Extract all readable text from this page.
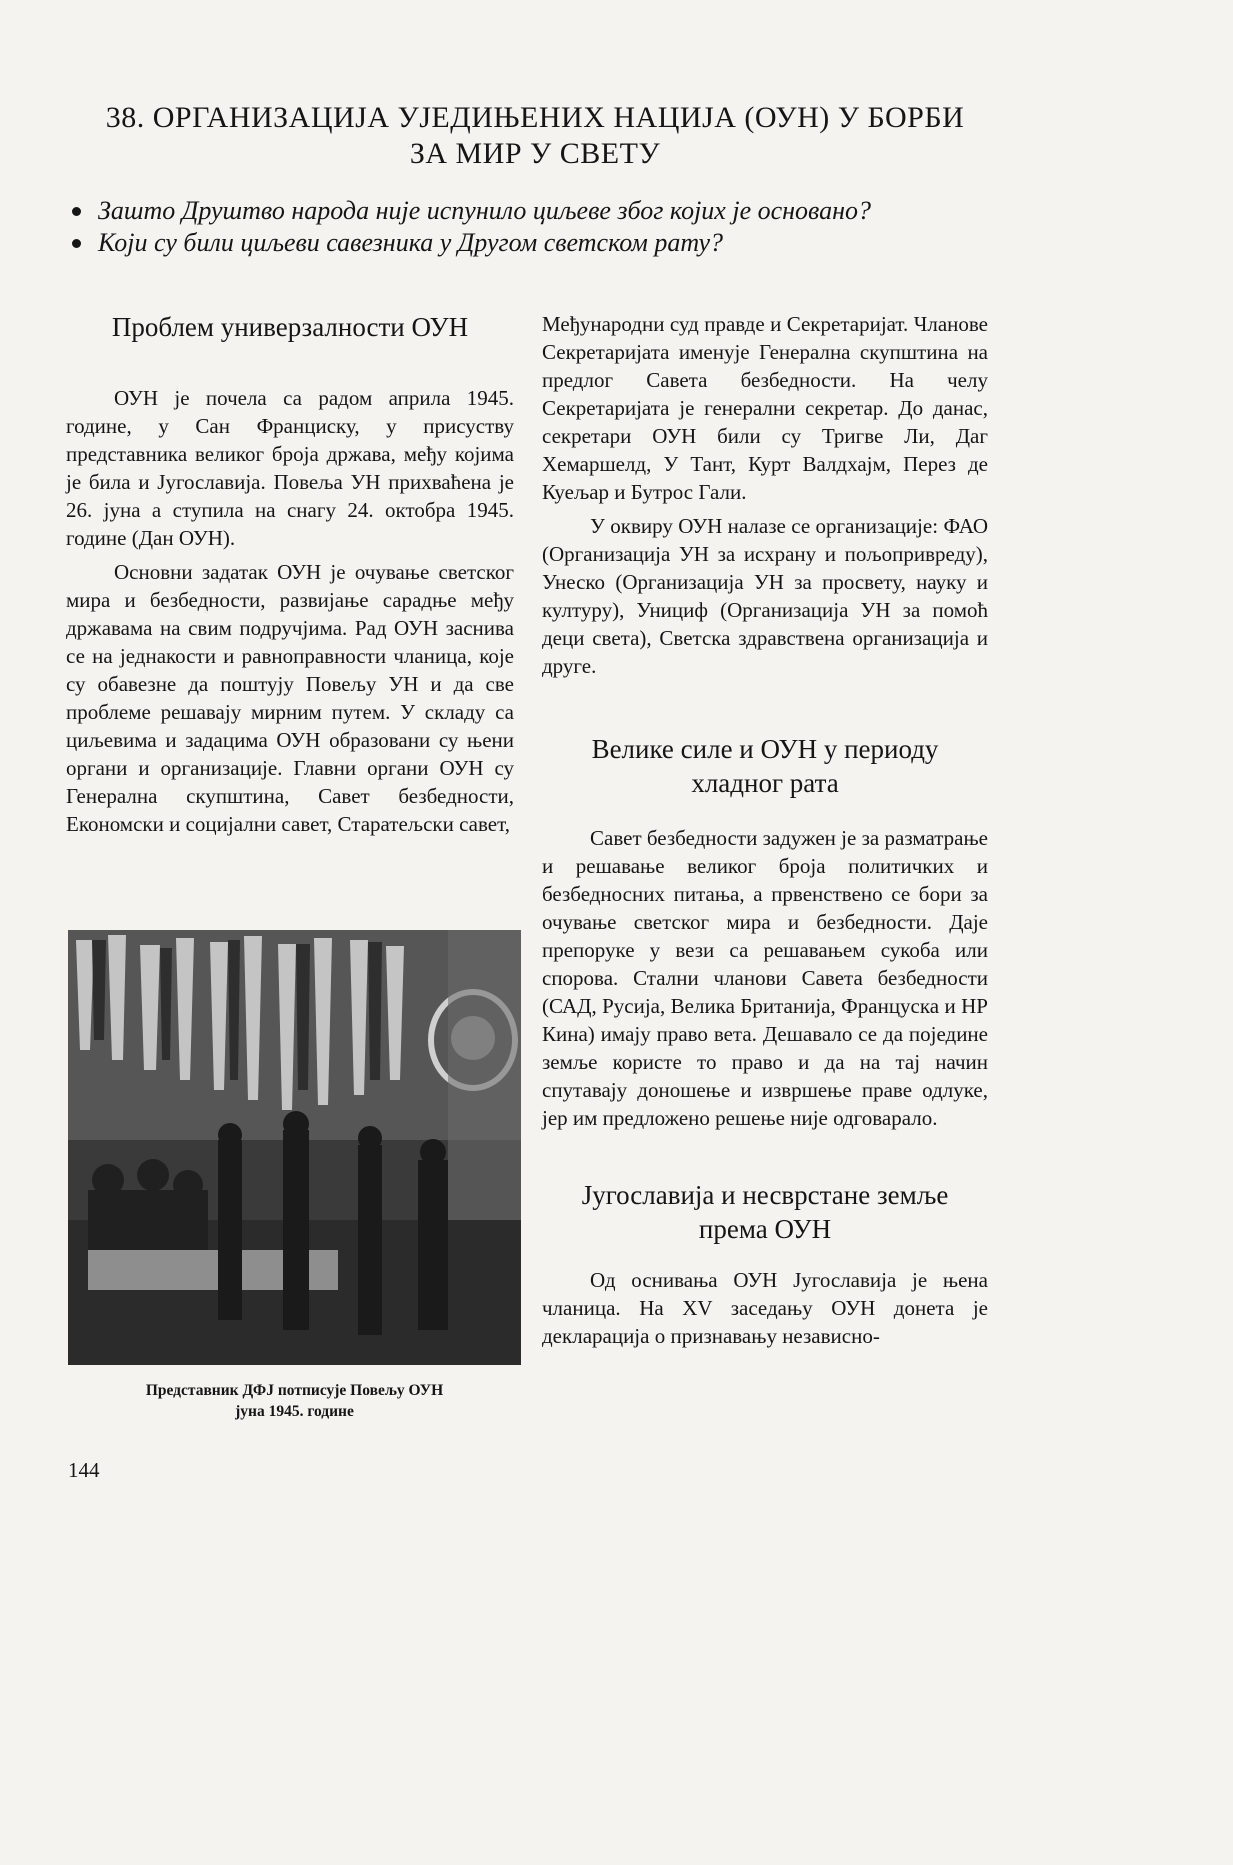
38. ОРГАНИЗАЦИЈА УЈЕДИЊЕНИХ НАЦИЈА (ОУН) У БОРБИ
ЗА МИР У СВЕТУ
Зашто Друштво народа није испунило циљеве због којих је основано?
Који су били циљеви савезника у Другом светском рату?
Проблем универзалности ОУН

ОУН је почела са радом априла 1945. године, у Сан Франциску, у присуству представника великог броја држава, међу којима је била и Југославија. Повеља УН прихваћена је 26. јуна а ступила на снагу 24. октобра 1945. године (Дан ОУН).

Основни задатак ОУН је очување светског мира и безбедности, развијање сарадње међу државама на свим подручјима. Рад ОУН заснива се на једнакости и равноправности чланица, које су обавезне да поштују Повељу УН и да све проблеме решавају мирним путем. У складу са циљевима и задацима ОУН образовани су њени органи и организације. Главни органи ОУН су Генерална скупштина, Савет безбедности, Економски и социјални савет, Старатељски савет,

Представник ДФЈ потписује Повељу ОУН
јуна 1945. године
144

Међународни суд правде и Секретаријат. Чланове Секретаријата именује Генерална скупштина на предлог Савета безбедности. На челу Секретаријата је генерални секретар. До данас, секретари ОУН били су Тригве Ли, Даг Хемаршелд, У Тант, Курт Валдхајм, Перез де Куељар и Бутрос Гали.

У оквиру ОУН налазе се организације: ФАО (Организација УН за исхрану и пољопривреду), Унеско (Организација УН за просвету, науку и културу), Унициф (Организација УН за помоћ деци света), Светска здравствена организација и друге.

Велике силе и ОУН у периоду
хладног рата

Савет безбедности задужен је за разматрање и решавање великог броја политичких и безбедносних питања, а првенствено се бори за очување светског мира и безбедности. Даје препоруке у вези са решавањем сукоба или спорова. Стални чланови Савета безбедности (САД, Русија, Велика Британија, Француска и НР Кина) имају право вета. Дешавало се да поједине земље користе то право и да на тај начин спутавају доношење и извршење праве одлуке, јер им предложено решење није одговарало.

Југославија и несврстане земље
према ОУН

Од оснивања ОУН Југославија је њена чланица. На XV заседању ОУН донета је декларација о признавању независно-
